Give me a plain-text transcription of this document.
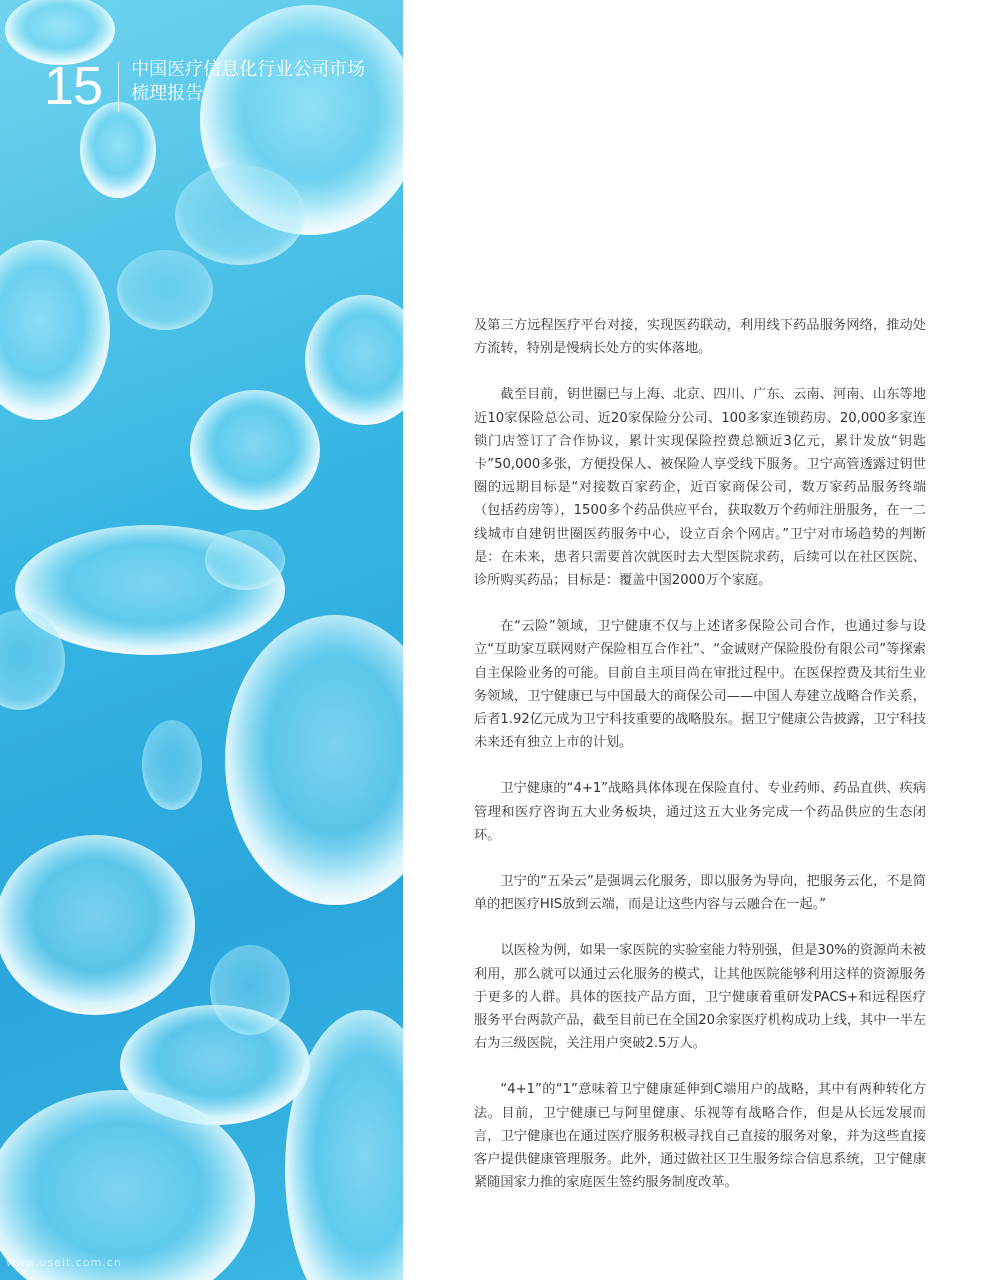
15 中国医疗信息化行业公司市场
梳理报告
www.useit.com.cn

及第三方远程医疗平台对接，实现医药联动，利用线下药品服务网络，推动处方流转，特别是慢病长处方的实体落地。

截至目前，钥世圈已与上海、北京、四川、广东、云南、河南、山东等地近10家保险总公司、近20家保险分公司、100多家连锁药房、20,000多家连锁门店签订了合作协议，累计实现保险控费总额近3亿元，累计发放“钥匙卡”50,000多张，方便投保人、被保险人享受线下服务。卫宁高管透露过钥世圈的远期目标是“对接数百家药企，近百家商保公司，数万家药品服务终端（包括药房等），1500多个药品供应平台，获取数万个药师注册服务，在一二线城市自建钥世圈医药服务中心，设立百余个网店。”卫宁对市场趋势的判断是：在未来，患者只需要首次就医时去大型医院求药，后续可以在社区医院、诊所购买药品；目标是：覆盖中国2000万个家庭。

在“云险”领域，卫宁健康不仅与上述诸多保险公司合作，也通过参与设立“互助家互联网财产保险相互合作社”、“金诚财产保险股份有限公司”等探索自主保险业务的可能。目前自主项目尚在审批过程中。在医保控费及其衍生业务领域，卫宁健康已与中国最大的商保公司——中国人寿建立战略合作关系，后者1.92亿元成为卫宁科技重要的战略股东。据卫宁健康公告披露，卫宁科技未来还有独立上市的计划。

卫宁健康的“4+1”战略具体体现在保险直付、专业药师、药品直供、疾病管理和医疗咨询五大业务板块，通过这五大业务完成一个药品供应的生态闭环。

卫宁的“五朵云”是强调云化服务，即以服务为导向，把服务云化，不是简单的把医疗HIS放到云端，而是让这些内容与云融合在一起。”

以医检为例，如果一家医院的实验室能力特别强，但是30%的资源尚未被利用，那么就可以通过云化服务的模式，让其他医院能够利用这样的资源服务于更多的人群。具体的医技产品方面，卫宁健康着重研发PACS+和远程医疗服务平台两款产品，截至目前已在全国20余家医疗机构成功上线，其中一半左右为三级医院，关注用户突破2.5万人。

“4+1”的“1”意味着卫宁健康延伸到C端用户的战略，其中有两种转化方法。目前，卫宁健康已与阿里健康、乐视等有战略合作，但是从长远发展而言，卫宁健康也在通过医疗服务积极寻找自己直接的服务对象，并为这些直接客户提供健康管理服务。此外，通过做社区卫生服务综合信息系统，卫宁健康紧随国家力推的家庭医生签约服务制度改革。
